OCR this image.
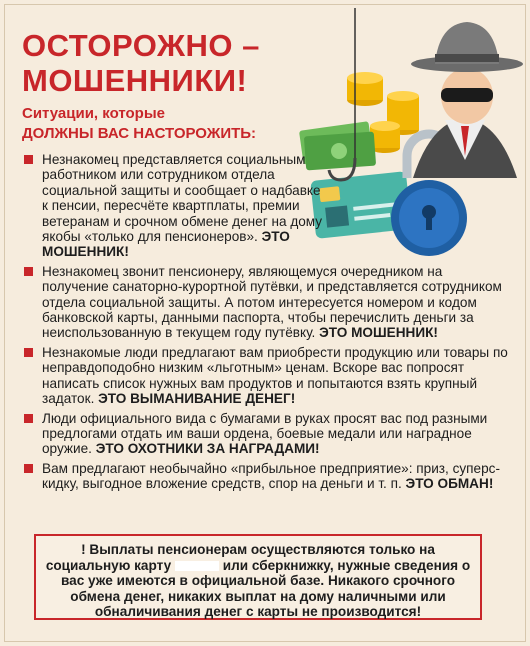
ОСТОРОЖНО – МОШЕННИКИ!
Ситуации, которые
ДОЛЖНЫ ВАС НАСТОРОЖИТЬ:

Незнакомец представляется социальным работником или сотрудником отдела социальной защиты и сообщает о надбавке к пенсии, пересчёте квартплаты, премии ветеранам и срочном обмене денег на дому якобы «только для пенсионеров». ЭТО МОШЕННИК!

Незнакомец звонит пенсионеру, являющемуся очередником на получение санаторно-курортной путёвки, и представляется сотрудником отдела социальной защиты. А потом интересуется номером и кодом банковской карты, данными паспорта, чтобы перечислить деньги за неиспользованную в текущем году путёвку. ЭТО МОШЕННИК!

Незнакомые люди предлагают вам приобрести продукцию или товары по неправдоподобно низким «льготным» ценам. Вскоре вас попросят написать список нужных вам продуктов и попытаются взять крупный задаток. ЭТО ВЫМАНИВАНИЕ ДЕНЕГ!

Люди официального вида с бумагами в руках просят вас под разными предлогами отдать им ваши ордена, боевые медали или наградное оружие. ЭТО ОХОТНИКИ ЗА НАГРАДАМИ!

Вам предлагают необычайно «прибыльное предприятие»: приз, суперс-кидку, выгодное вложение средств, спор на деньги и т. п. ЭТО ОБМАН!

! Выплаты пенсионерам осуществляются только на социальную карту	или сберкнижку, нужные сведения о вас уже имеются в официальной базе. Никакого срочного обмена денег, никаких выплат на дому наличными или обналичивания денег с карты не производится!
